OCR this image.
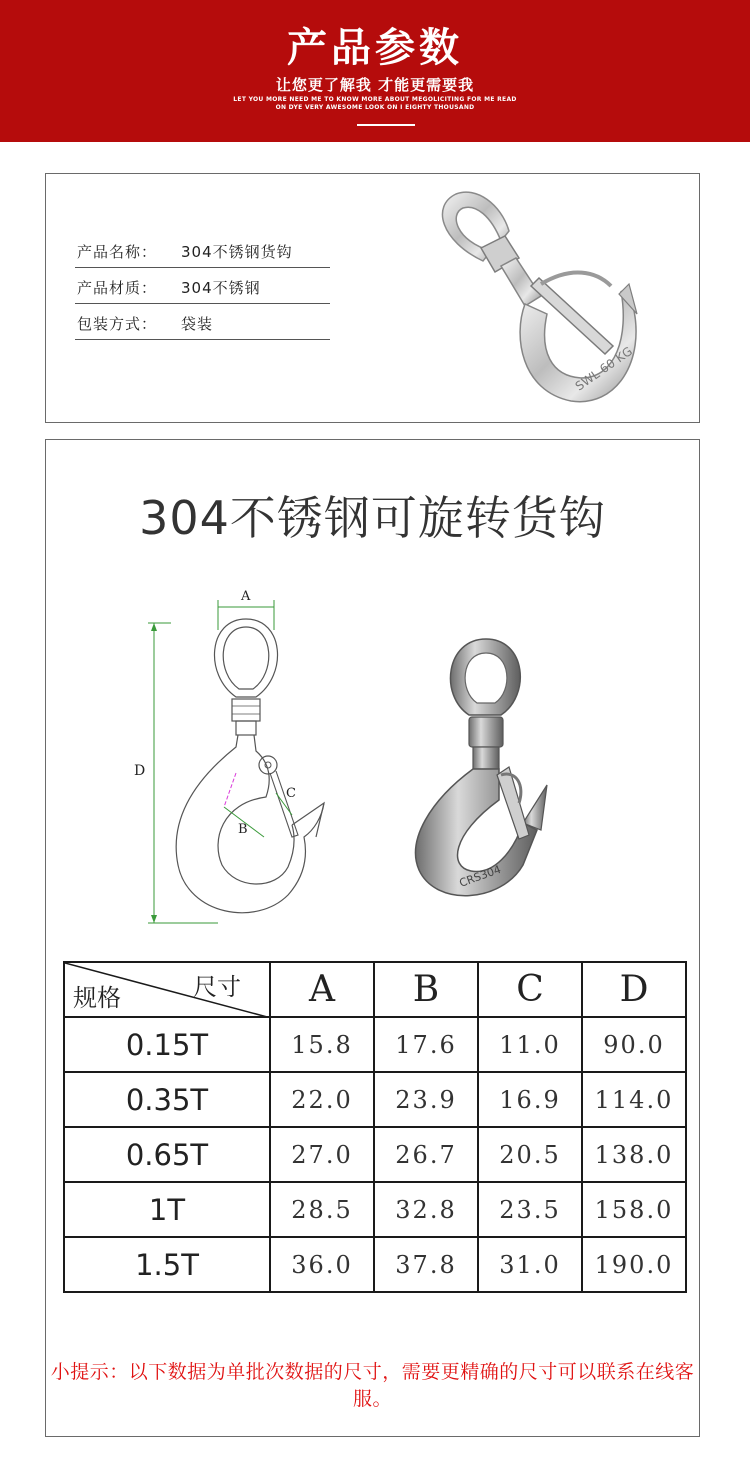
产品参数
让您更了解我 才能更需要我
LET YOU MORE NEED ME TO KNOW MORE ABOUT MEGOLICITING FOR ME READ
ON DYE VERY AWESOME LOOK ON I EIGHTY THOUSAND
产品名称： 304不锈钢货钩
产品材质： 304不锈钢
包装方式： 袋装
SWL 60 KG
304不锈钢可旋转货钩
D
A
B
C
CRS304
尺寸
规格	A	B	C	D
0.15T	15.8	17.6	11.0	90.0
0.35T	22.0	23.9	16.9	114.0
0.65T	27.0	26.7	20.5	138.0
1T	28.5	32.8	23.5	158.0
1.5T	36.0	37.8	31.0	190.0
小提示：以下数据为单批次数据的尺寸，需要更精确的尺寸可以联系在线客服。
